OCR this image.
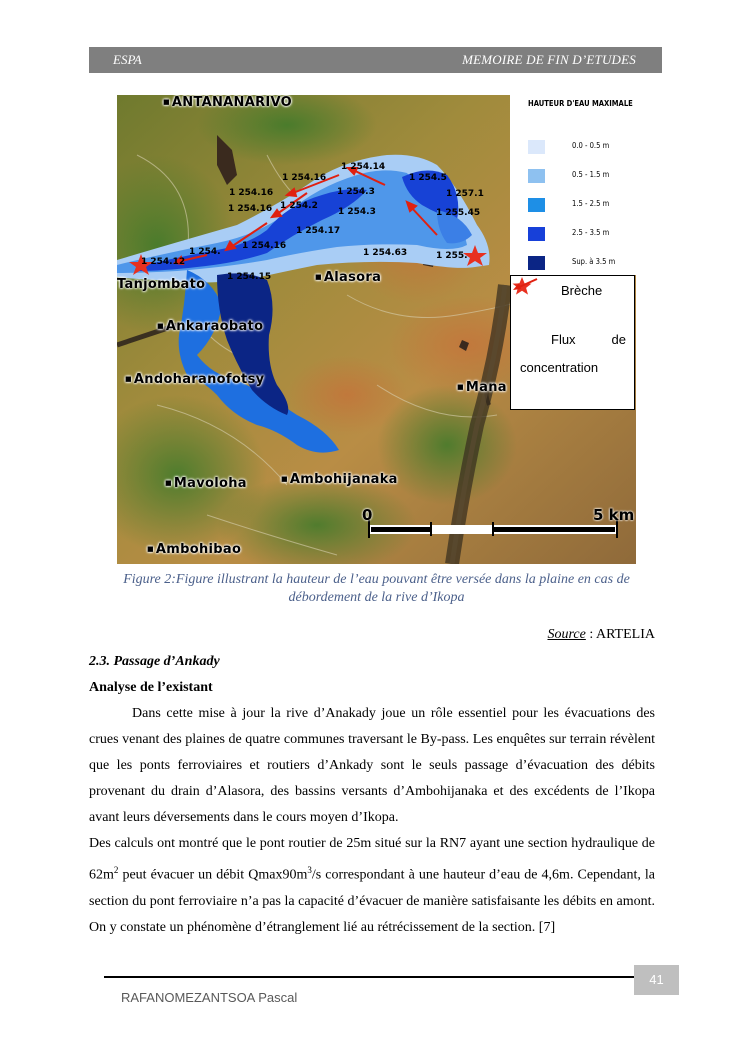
ESPA	MEMOIRE DE FIN D’ETUDES
■ ANTANANARIVO
Tanjombato
■ Ankaraobato
■ Andoharanofotsy
■ Alasora
■ Mana
■ Mavoloha
■	Ambohijanaka
■ Ambohibao
1 254.14
1 254.16	1 254.5
1 254.3	1 257.1
1 254.16
1 254.2
1 254.3	1 255.45
1 254.16
1 254.17
1 254.16
1 254.12
1 254.	1 254.63	1 255.
1 254.15
HAUTEUR D'EAU MAXIMALE
0.0 - 0.5 m
0.5 - 1.5 m
1.5 - 2.5 m
2.5 - 3.5 m
Sup. à 3.5 m
Brèche
Flux	de
concentration
0	5 km
Figure 2:Figure illustrant la hauteur de l’eau pouvant être versée dans la plaine en cas de débordement de la rive d’Ikopa
Source : ARTELIA
2.3. Passage d’Ankady
Analyse de l’existant

Dans cette mise à jour la rive d’Anakady joue un rôle essentiel pour les évacuations des crues venant des plaines de quatre communes traversant le By-pass. Les enquêtes sur terrain révèlent que les ponts ferroviaires et routiers d’Ankady sont le seuls passage d’évacuation des débits provenant du drain d’Alasora, des bassins versants d’Ambohijanaka et des excédents de l’Ikopa avant leurs déversements dans le cours moyen d’Ikopa.

Des calculs ont montré que le pont routier de 25m situé sur la RN7 ayant une section hydraulique de $62m^2$ peut évacuer un débit $Qmax90m^3/s$ correspondant à une hauteur d’eau de 4,6m. Cependant, la section du pont ferroviaire n’a pas la capacité d’évacuer de manière satisfaisante les débits en amont. On y constate un phénomène d’étranglement lié au rétrécissement de la section. [7]

41
RAFANOMEZANTSOA Pascal
